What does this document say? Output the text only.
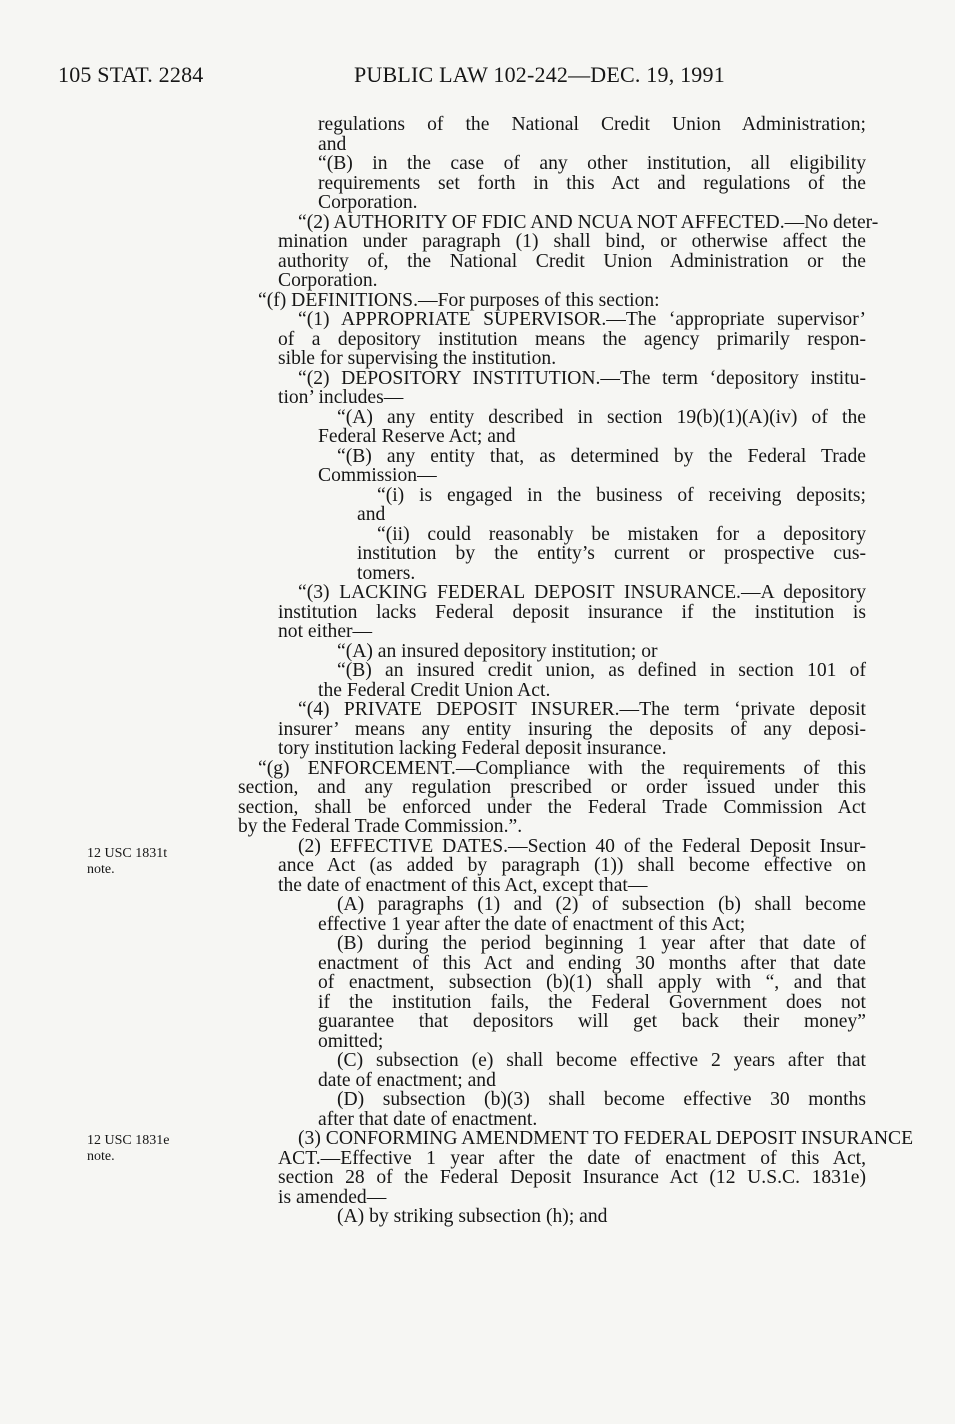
105 STAT. 2284	PUBLIC LAW 102-242—DEC. 19, 1991
12 USC 1831t
note.
12 USC 1831e
note.

regulations of the National Credit Union Administration;

and

“(B) in the case of any other institution, all eligibility

requirements set forth in this Act and regulations of the

Corporation.

“(2) AUTHORITY OF FDIC AND NCUA NOT AFFECTED.—No deter-

mination under paragraph (1) shall bind, or otherwise affect the

authority of, the National Credit Union Administration or the

Corporation.

“(f) DEFINITIONS.—For purposes of this section:

“(1) APPROPRIATE SUPERVISOR.—The ‘appropriate supervisor’

of a depository institution means the agency primarily respon-

sible for supervising the institution.

“(2) DEPOSITORY INSTITUTION.—The term ‘depository institu-

tion’ includes—

“(A) any entity described in section 19(b)(1)(A)(iv) of the

Federal Reserve Act; and

“(B) any entity that, as determined by the Federal Trade

Commission—

“(i) is engaged in the business of receiving deposits;

and

“(ii) could reasonably be mistaken for a depository

institution by the entity’s current or prospective cus-

tomers.

“(3) LACKING FEDERAL DEPOSIT INSURANCE.—A depository

institution lacks Federal deposit insurance if the institution is

not either—

“(A) an insured depository institution; or

“(B) an insured credit union, as defined in section 101 of

the Federal Credit Union Act.

“(4) PRIVATE DEPOSIT INSURER.—The term ‘private deposit

insurer’ means any entity insuring the deposits of any deposi-

tory institution lacking Federal deposit insurance.

“(g) ENFORCEMENT.—Compliance with the requirements of this

section, and any regulation prescribed or order issued under this

section, shall be enforced under the Federal Trade Commission Act

by the Federal Trade Commission.”.

(2) EFFECTIVE DATES.—Section 40 of the Federal Deposit Insur-

ance Act (as added by paragraph (1)) shall become effective on

the date of enactment of this Act, except that—

(A) paragraphs (1) and (2) of subsection (b) shall become

effective 1 year after the date of enactment of this Act;

(B) during the period beginning 1 year after that date of

enactment of this Act and ending 30 months after that date

of enactment, subsection (b)(1) shall apply with “, and that

if the institution fails, the Federal Government does not

guarantee that depositors will get back their money”

omitted;

(C) subsection (e) shall become effective 2 years after that

date of enactment; and

(D) subsection (b)(3) shall become effective 30 months

after that date of enactment.

(3) CONFORMING AMENDMENT TO FEDERAL DEPOSIT INSURANCE

ACT.—Effective 1 year after the date of enactment of this Act,

section 28 of the Federal Deposit Insurance Act (12 U.S.C. 1831e)

is amended—

(A) by striking subsection (h); and
